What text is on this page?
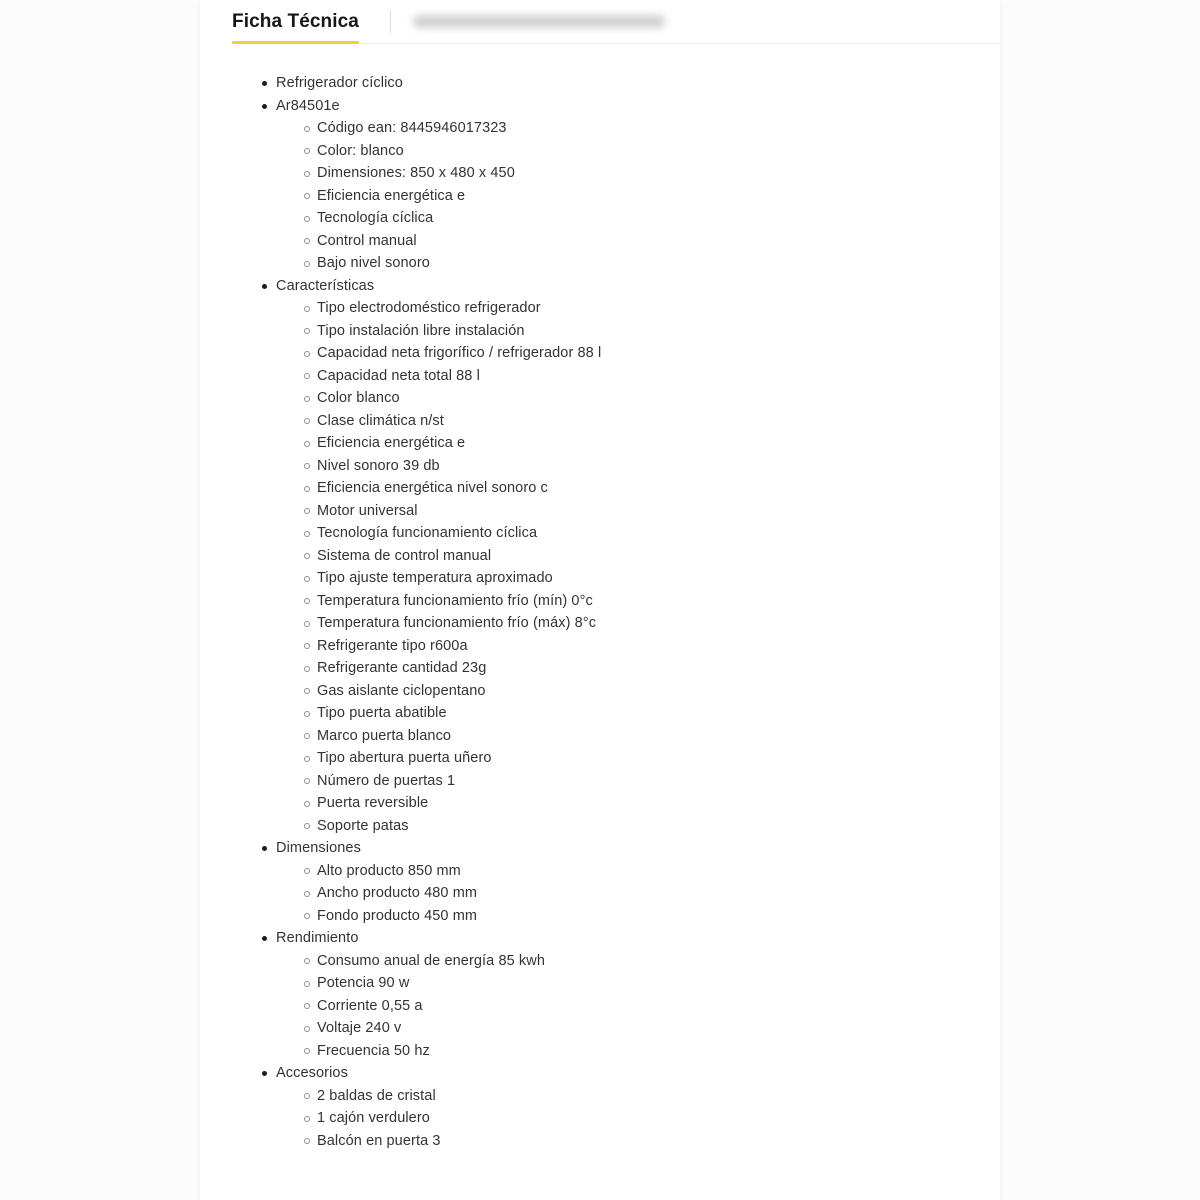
Ficha Técnica
Refrigerador cíclico
Ar84501e
Código ean: 8445946017323
Color: blanco
Dimensiones: 850 x 480 x 450
Eficiencia energética e
Tecnología cíclica
Control manual
Bajo nivel sonoro
Características
Tipo electrodoméstico refrigerador
Tipo instalación libre instalación
Capacidad neta frigorífico / refrigerador 88 l
Capacidad neta total 88 l
Color blanco
Clase climática n/st
Eficiencia energética e
Nivel sonoro 39 db
Eficiencia energética nivel sonoro c
Motor universal
Tecnología funcionamiento cíclica
Sistema de control manual
Tipo ajuste temperatura aproximado
Temperatura funcionamiento frío (mín) 0°c
Temperatura funcionamiento frío (máx) 8°c
Refrigerante tipo r600a
Refrigerante cantidad 23g
Gas aislante ciclopentano
Tipo puerta abatible
Marco puerta blanco
Tipo abertura puerta uñero
Número de puertas 1
Puerta reversible
Soporte patas
Dimensiones
Alto producto 850 mm
Ancho producto 480 mm
Fondo producto 450 mm
Rendimiento
Consumo anual de energía 85 kwh
Potencia 90 w
Corriente 0,55 a
Voltaje 240 v
Frecuencia 50 hz
Accesorios
2 baldas de cristal
1 cajón verdulero
Balcón en puerta 3
